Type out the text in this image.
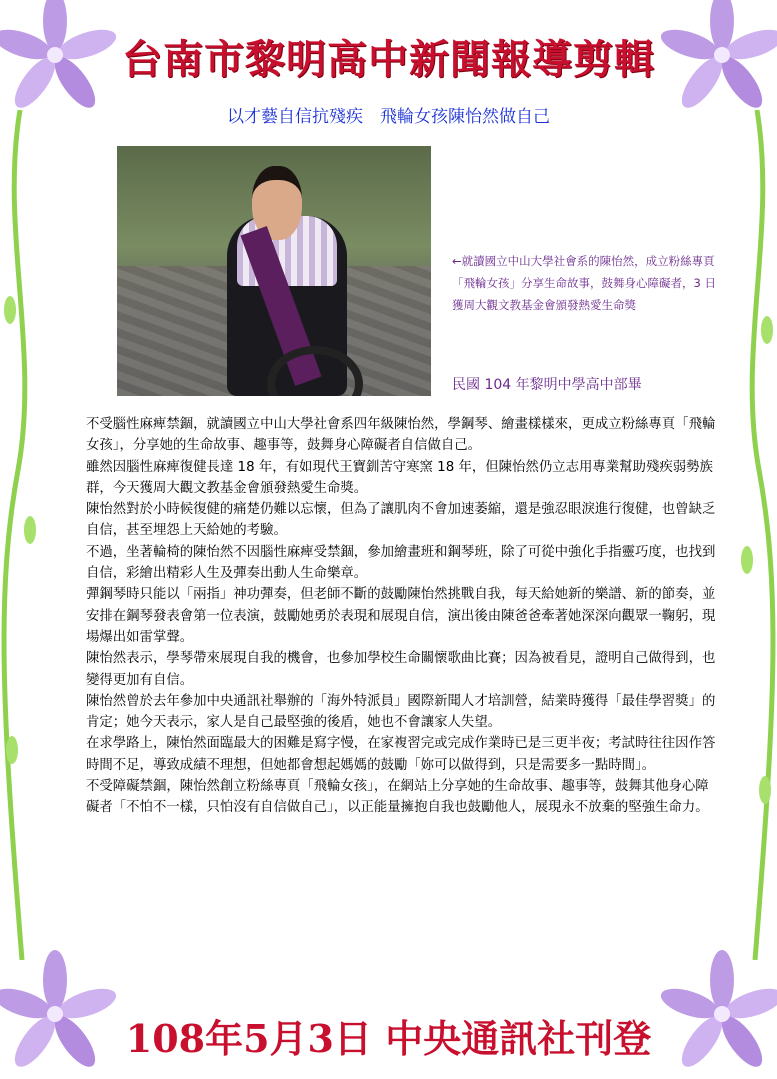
台南市黎明高中新聞報導剪輯
以才藝自信抗殘疾　飛輪女孩陳怡然做自己
←就讀國立中山大學社會系的陳怡然，成立粉絲專頁「飛輪女孩」分享生命故事，鼓舞身心障礙者，3 日獲周大觀文教基金會頒發熱愛生命獎
民國 104 年黎明中學高中部畢

不受腦性麻痺禁錮，就讀國立中山大學社會系四年級陳怡然，學鋼琴、繪畫樣樣來，更成立粉絲專頁「飛輪女孩」，分享她的生命故事、趣事等，鼓舞身心障礙者自信做自己。

雖然因腦性麻痺復健長達 18 年，有如現代王寶釧苦守寒窯 18 年，但陳怡然仍立志用專業幫助殘疾弱勢族群，今天獲周大觀文教基金會頒發熱愛生命獎。

陳怡然對於小時候復健的痛楚仍難以忘懷，但為了讓肌肉不會加速萎縮，還是強忍眼淚進行復健，也曾缺乏自信，甚至埋怨上天給她的考驗。

不過，坐著輪椅的陳怡然不因腦性麻痺受禁錮，參加繪畫班和鋼琴班，除了可從中強化手指靈巧度，也找到自信，彩繪出精彩人生及彈奏出動人生命樂章。

彈鋼琴時只能以「兩指」神功彈奏，但老師不斷的鼓勵陳怡然挑戰自我，每天給她新的樂譜、新的節奏，並安排在鋼琴發表會第一位表演，鼓勵她勇於表現和展現自信，演出後由陳爸爸牽著她深深向觀眾一鞠躬，現場爆出如雷掌聲。

陳怡然表示，學琴帶來展現自我的機會，也參加學校生命關懷歌曲比賽；因為被看見，證明自己做得到，也變得更加有自信。

陳怡然曾於去年參加中央通訊社舉辦的「海外特派員」國際新聞人才培訓營，結業時獲得「最佳學習獎」的肯定；她今天表示，家人是自己最堅強的後盾，她也不會讓家人失望。

在求學路上，陳怡然面臨最大的困難是寫字慢，在家複習完或完成作業時已是三更半夜；考試時往往因作答時間不足，導致成績不理想，但她都會想起媽媽的鼓勵「妳可以做得到，只是需要多一點時間」。

不受障礙禁錮，陳怡然創立粉絲專頁「飛輪女孩」，在網站上分享她的生命故事、趣事等，鼓舞其他身心障礙者「不怕不一樣，只怕沒有自信做自己」，以正能量擁抱自我也鼓勵他人，展現永不放棄的堅強生命力。

108年5月3日 中央通訊社刊登
